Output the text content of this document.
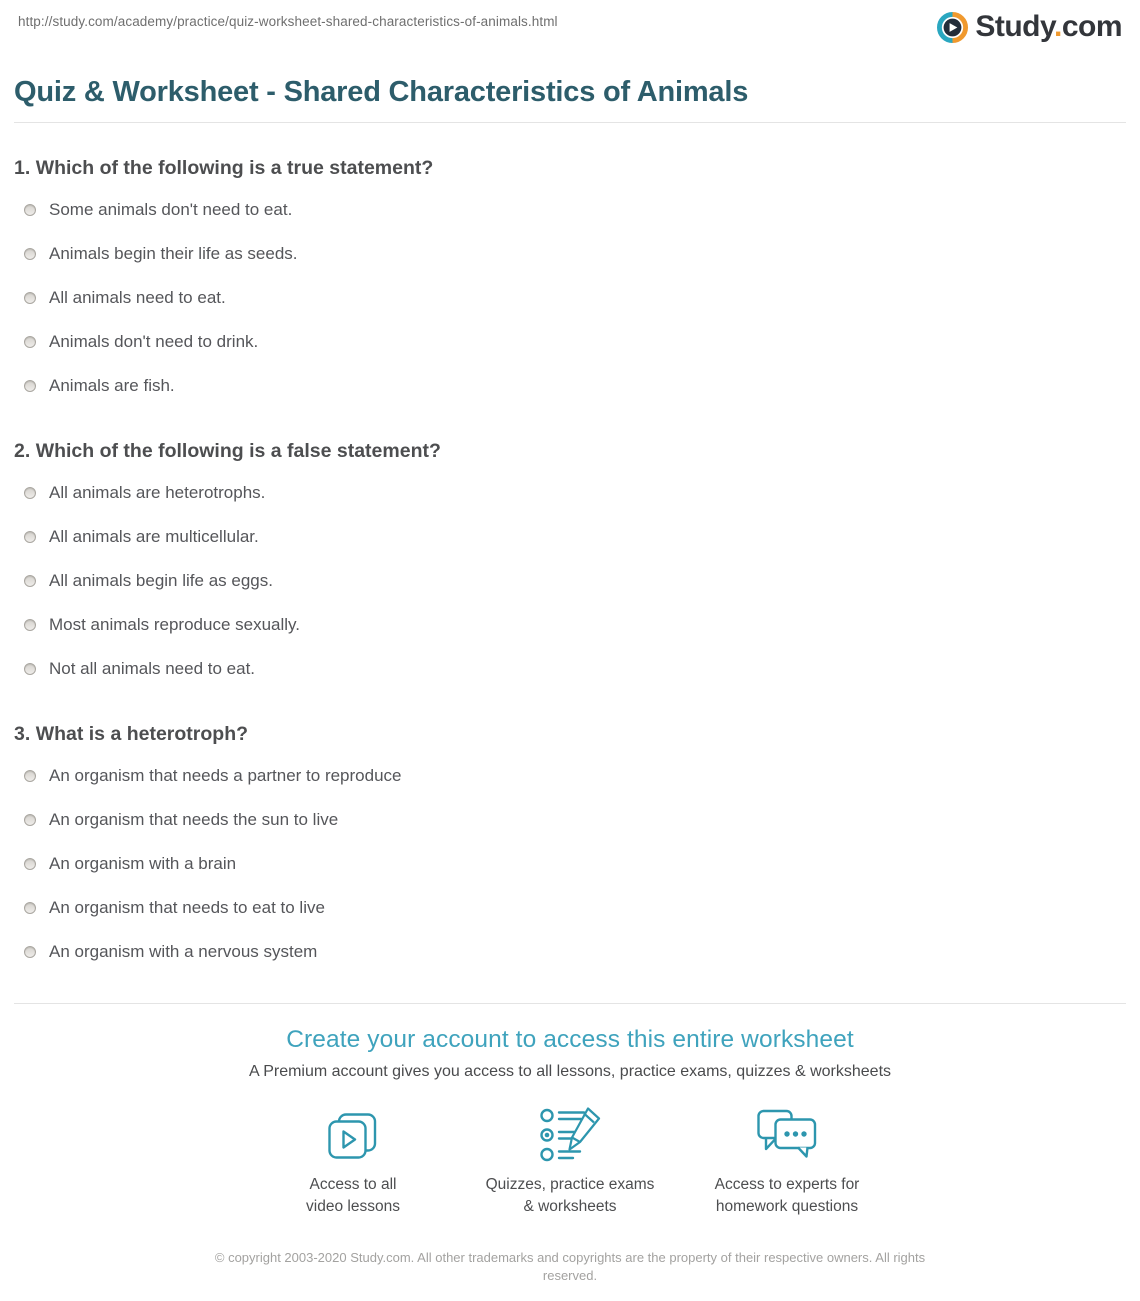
http://study.com/academy/practice/quiz-worksheet-shared-characteristics-of-animals.html	Study.com
Quiz & Worksheet - Shared Characteristics of Animals
1. Which of the following is a true statement?
Some animals don't need to eat.
Animals begin their life as seeds.
All animals need to eat.
Animals don't need to drink.
Animals are fish.
2. Which of the following is a false statement?
All animals are heterotrophs.
All animals are multicellular.
All animals begin life as eggs.
Most animals reproduce sexually.
Not all animals need to eat.
3. What is a heterotroph?
An organism that needs a partner to reproduce
An organism that needs the sun to live
An organism with a brain
An organism that needs to eat to live
An organism with a nervous system
Create your account to access this entire worksheet
A Premium account gives you access to all lessons, practice exams, quizzes & worksheets
Access to all
video lessons
Quizzes, practice exams
& worksheets
Access to experts for
homework questions
© copyright 2003-2020 Study.com. All other trademarks and copyrights are the property of their respective owners. All rights reserved.
